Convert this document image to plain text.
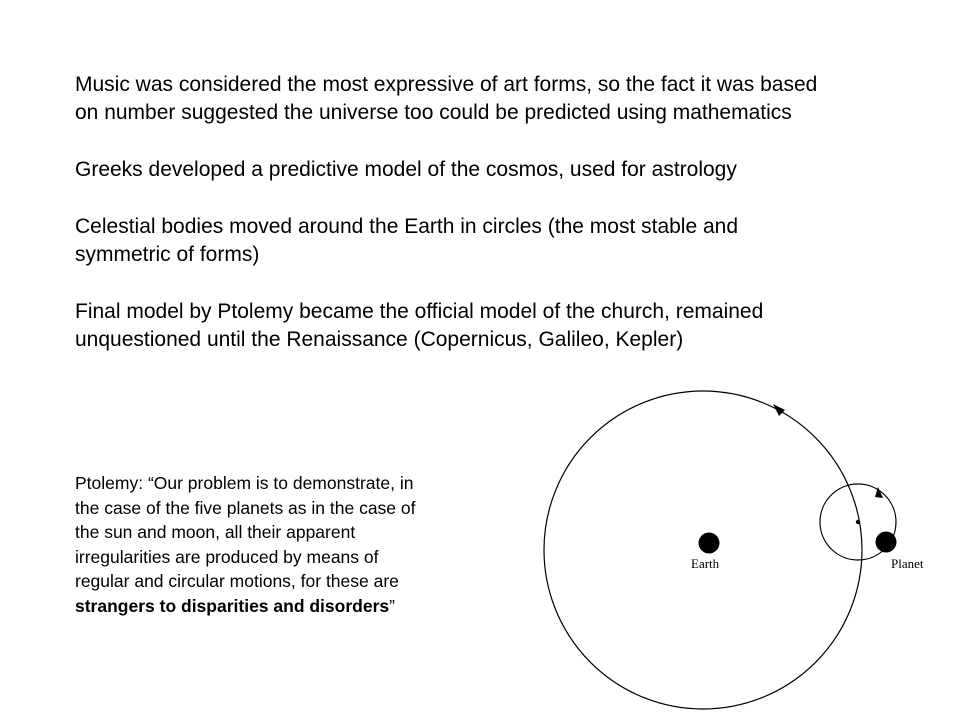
Music was considered the most expressive of art forms, so the fact it was based
on number suggested the universe too could be predicted using mathematics

Greeks developed a predictive model of the cosmos, used for astrology

Celestial bodies moved around the Earth in circles (the most stable and
symmetric of forms)

Final model by Ptolemy became the official model of the church, remained
unquestioned until the Renaissance (Copernicus, Galileo, Kepler)

Ptolemy: “Our problem is to demonstrate, in
the case of the five planets as in the case of
the sun and moon, all their apparent
irregularities are produced by means of
regular and circular motions, for these are
strangers to disparities and disorders”
Earth	Planet
